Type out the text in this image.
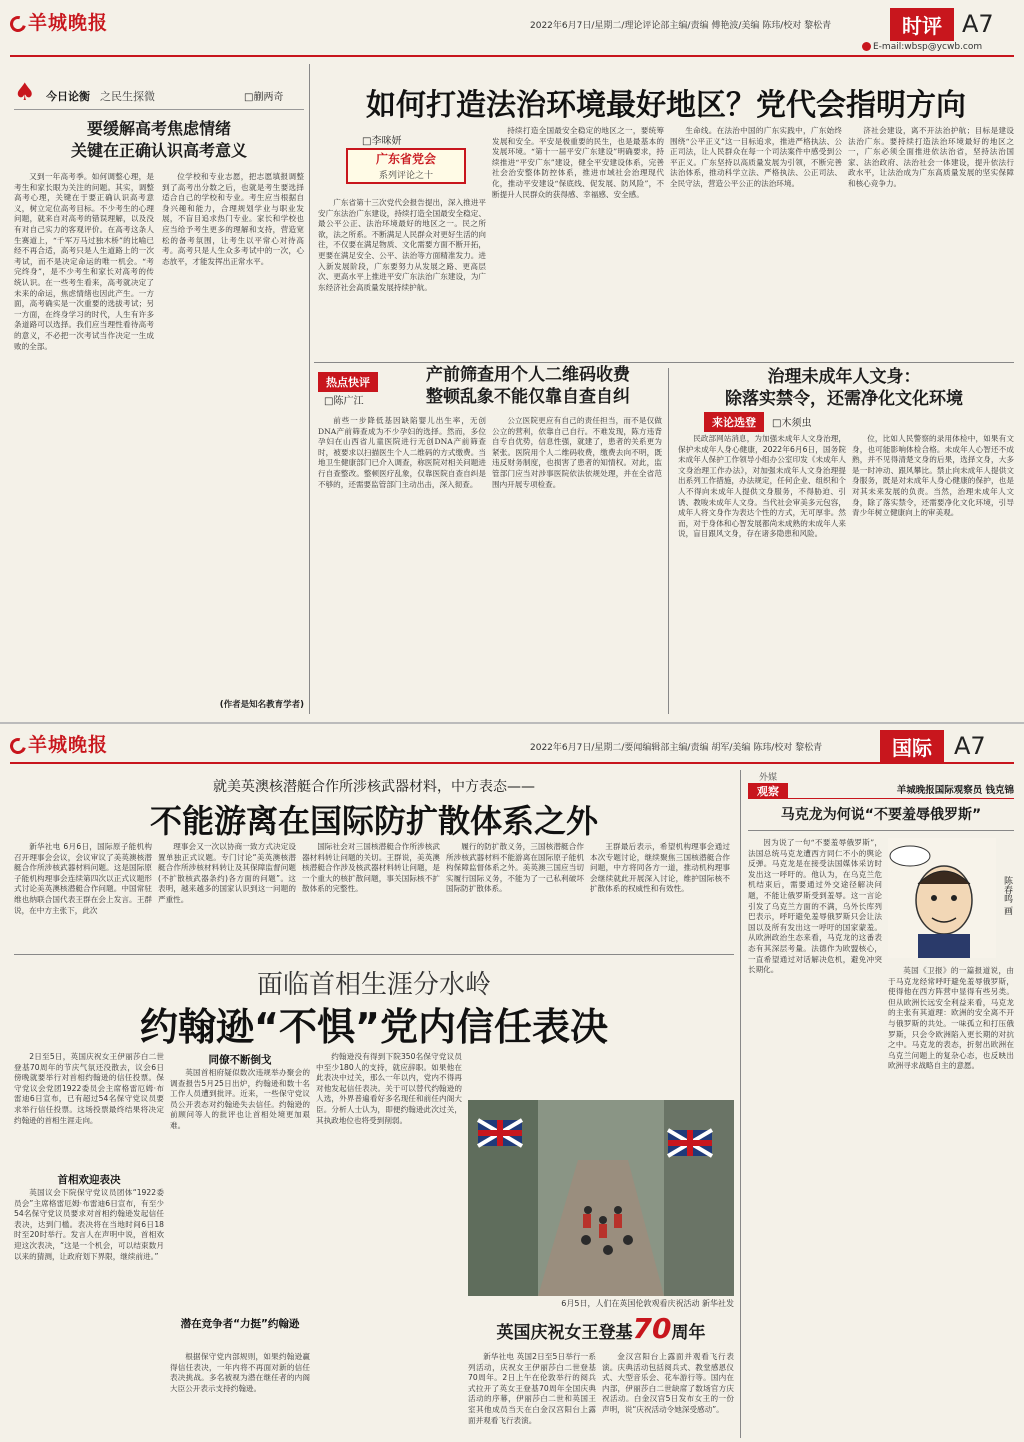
羊城晚报	2022年6月7日/星期二/理论评论部主编/责编 傅艳波/美编 陈玮/校对 黎松青	时评 A7
E-mail:wbsp@ycwb.com
♠ 今日论衡 之民生探微	□蒯两奇
要缓解高考焦虑情绪
关键在正确认识高考意义

又到一年高考季。如何调整心理，是考生和家长眼为关注的问题。其实，调整高考心理，关键在于要正确认识高考意义，树立定位高考目标。不少考生的心理问题，就来自对高考的错误理解，以及没有对自己实力的客观评价。在高考这条人生赛道上，“千军万马过独木桥”的比喻已经不再合适，高考只是人生道路上的一次考试，而不是决定命运的唯一机会。“考完终身”，是不少考生和家长对高考的传统认识。在一些考生看来，高考就决定了未来的命运，焦虑情绪也因此产生。一方面，高考确实是一次重要的选拔考试；另一方面，在终身学习的时代，人生有许多条道路可以选择。我们应当理性看待高考的意义，不必把一次考试当作决定一生成败的全部。

位学校和专业志愿，把志愿填报调整到了高考出分数之后，也就是考生要选择适合自己的学校和专业。考生应当根据自身兴趣和能力，合理规划学业与职业发展，不盲目追求热门专业。家长和学校也应当给予考生更多的理解和支持，营造宽松的备考氛围，让考生以平常心对待高考。高考只是人生众多考试中的一次，心态放平，才能发挥出正常水平。

(作者是知名教育学者)
如何打造法治环境最好地区？党代会指明方向
□李咪妍
广东省党会
系列评论之十

广东省第十三次党代会报告提出，深入推进平安广东法治广东建设，持续打造全国最安全稳定、最公平公正、法治环境最好的地区之一。民之所欲，法之所系。不断满足人民群众对更好生活的向往，不仅要在满足物质、文化需要方面不断开拓，更要在满足安全、公平、法治等方面精准发力。进入新发展阶段，广东要努力从发展之路、更高层次、更高水平上推进平安广东法治广东建设，为广东经济社会高质量发展持续护航。

持续打造全国最安全稳定的地区之一，要统筹发展和安全。平安是极重要的民生，也是最基本的发展环境。“第十一届平安广东建设”明确要求，持续推进“平安广东”建设，健全平安建设体系，完善社会治安整体防控体系，推进市域社会治理现代化，推动平安建设“保底线、促发展、防风险”，不断提升人民群众的获得感、幸福感、安全感。

生命线。在法治中国的广东实践中，广东始终围绕“公平正义”这一目标追求，推进严格执法、公正司法，让人民群众在每一个司法案件中感受到公平正义。广东坚持以高质量发展为引领，不断完善法治体系，推动科学立法、严格执法、公正司法、全民守法，营造公平公正的法治环境。

济社会建设，离不开法治护航；目标是建设法治广东。要持续打造法治环境最好的地区之一，广东必须全面推进依法治省，坚持法治国家、法治政府、法治社会一体建设，提升依法行政水平，让法治成为广东高质量发展的坚实保障和核心竞争力。

热点快评
□陈广江
产前筛查用个人二维码收费
整顿乱象不能仅靠自查自纠

前些一步降低基因缺陷婴儿出生率，无创DNA产前筛查成为不少孕妇的选择。然而，多位孕妇在山西省儿童医院进行无创DNA产前筛查时，被要求以扫描医生个人二维码的方式缴费。当地卫生健康部门已介入调查，称医院对相关问题进行自查整改。整顿医疗乱象，仅靠医院自查自纠是不够的，还需要监管部门主动出击，深入彻查。

公立医院更应有自己的责任担当，而不是仅做公立的营利，依靠自己自行。不难发现，陈方违背自专自优势，信息性强，就建了，患者的关系更为紧张。医院用个人二维码收费，缴费去向不明，既违反财务制度，也损害了患者的知情权。对此，监管部门应当对涉事医院依法依规处理，并在全省范围内开展专项检查。

治理未成年人文身：
除落实禁令，还需净化文化环境
来论选登	□木须虫

民政部网站消息，为加强未成年人文身治理，保护未成年人身心健康，2022年6月6日，国务院未成年人保护工作领导小组办公室印发《未成年人文身治理工作办法》，对加强未成年人文身治理提出系列工作措施，办法规定，任何企业、组织和个人不得向未成年人提供文身服务，不得胁迫、引诱、教唆未成年人文身。当代社会审美多元包容，成年人将文身作为表达个性的方式，无可厚非。然而，对于身体和心智发展都尚未成熟的未成年人来说，盲目跟风文身，存在诸多隐患和风险。

位，比如人民警察的录用体检中，如果有文身，也可能影响体检合格。未成年人心智还不成熟，并不见得清楚文身的后果，选择文身，大多是一时冲动、跟风攀比。禁止向未成年人提供文身服务，既是对未成年人身心健康的保护，也是对其未来发展的负责。当然，治理未成年人文身，除了落实禁令，还需要净化文化环境，引导青少年树立健康向上的审美观。

羊城晚报	2022年6月7日/星期二/要闻编辑部主编/责编 胡军/美编 陈玮/校对 黎松青	国际 A7
就美英澳核潜艇合作所涉核武器材料，中方表态——
不能游离在国际防扩散体系之外

新华社电 6月6日，国际原子能机构召开理事会会议，会议审议了美英澳核潜艇合作所涉核武器材料问题。这是国际原子能机构理事会连续第四次以正式议题形式讨论美英澳核潜艇合作问题。中国常驻维也纳联合国代表王群在会上发言。王群说，在中方主张下，此次

理事会又一次以协商一致方式决定设置单独正式议题。专门讨论“美英澳核潜艇合作所涉核材料转让及其保障监督问题(不扩散核武器条约)各方面的问题”。这表明，越来越多的国家认识到这一问题的严重性。

国际社会对三国核潜艇合作所涉核武器材料转让问题的关切。王群说，美英澳核潜艇合作涉及核武器材料转让问题，是一个重大的核扩散问题，事关国际核不扩散体系的完整性。

履行的防扩散义务，三国核潜艇合作所涉核武器材料不能游离在国际原子能机构保障监督体系之外。美英澳三国应当切实履行国际义务，不能为了一己私利破坏国际防扩散体系。

王群最后表示，希望机构理事会通过本次专题讨论，继续聚焦三国核潜艇合作问题，中方将同各方一道，推动机构理事会继续就此开展深入讨论，维护国际核不扩散体系的权威性和有效性。

面临首相生涯分水岭
约翰逊“不惧”党内信任表决

2日至5日，英国庆祝女王伊丽莎白二世登基70周年的节庆气氛还没散去，议会6日傍晚就要举行对首相约翰逊的信任投票。保守党议会党团1922委员会主席格雷厄姆·布雷迪6日宣布，已有超过54名保守党议员要求举行信任投票。这场投票最终结果将决定约翰逊的首相生涯走向。

首相欢迎表决

英国议会下院保守党议员团体“1922委员会”主席格雷厄姆·布雷迪6日宣布，有至少54名保守党议员要求对首相约翰逊发起信任表决，达到门槛。表决将在当地时间6日18时至20时举行。发言人在声明中说，首相欢迎这次表决，“这是一个机会，可以结束数月以来的猜测，让政府划下界限，继续前进。”

同僚不断倒戈

英国首相府疑似数次违规举办聚会的调查报告5月25日出炉，约翰逊和数十名工作人员遭到批评。近来，一些保守党议员公开表态对约翰逊失去信任。约翰逊的前顾问等人的批评也让首相处境更加艰难。

潜在竞争者“力挺”约翰逊

根据保守党内部规则，如果约翰逊赢得信任表决，一年内将不再面对新的信任表决挑战。多名被视为潜在继任者的内阁大臣公开表示支持约翰逊。

约翰逊没有得到下院350名保守党议员中至少180人的支持，就应辞职。如果他在此表决中过关，那么一年以内，党内不得再对他发起信任表决。关于可以替代约翰逊的人选，外界普遍看好多名现任和前任内阁大臣。分析人士认为，即便约翰逊此次过关，其执政地位也将受到削弱。

6月5日，人们在英国伦敦观看庆祝活动 新华社发
英国庆祝女王登基70周年

新华社电 英国2日至5日举行一系列活动，庆祝女王伊丽莎白二世登基70周年。2日上午在伦敦举行的阅兵式拉开了英女王登基70周年全国庆典活动的序幕，伊丽莎白二世和英国王室其他成员当天在白金汉宫阳台上露面并观看飞行表演。

金汉宫阳台上露面并观看飞行表演。庆典活动包括阅兵式、教堂感恩仪式、大型音乐会、花车游行等。国内在内部，伊丽莎白二世缺席了数场官方庆祝活动。白金汉宫5日发布女王的一份声明，说“庆祝活动令她深受感动”。

外媒
观察	羊城晚报国际观察员 钱克锦
马克龙为何说“不要羞辱俄罗斯”
陈春鸣 画

因为说了一句“不要羞辱俄罗斯”，法国总统马克龙遭西方同仁不小的舆论反弹。马克龙是在接受法国媒体采访时发出这一呼吁的。他认为，在乌克兰危机结束后，需要通过外交途径解决问题，不能让俄罗斯受到羞辱。这一言论引发了乌克兰方面的不满，乌外长库列巴表示，呼吁避免羞辱俄罗斯只会让法国以及所有发出这一呼吁的国家蒙羞。从欧洲政治生态来看，马克龙的这番表态有其深层考量。法德作为欧盟核心，一直希望通过对话解决危机，避免冲突长期化。	英国《卫报》的一篇报道说，由于马克龙经常呼吁避免羞辱俄罗斯，使得他在西方阵营中显得有些另类。但从欧洲长远安全利益来看，马克龙的主张有其道理：欧洲的安全离不开与俄罗斯的共处。一味孤立和打压俄罗斯，只会令欧洲陷入更长期的对抗之中。马克龙的表态，折射出欧洲在乌克兰问题上的复杂心态，也反映出欧洲寻求战略自主的意愿。
